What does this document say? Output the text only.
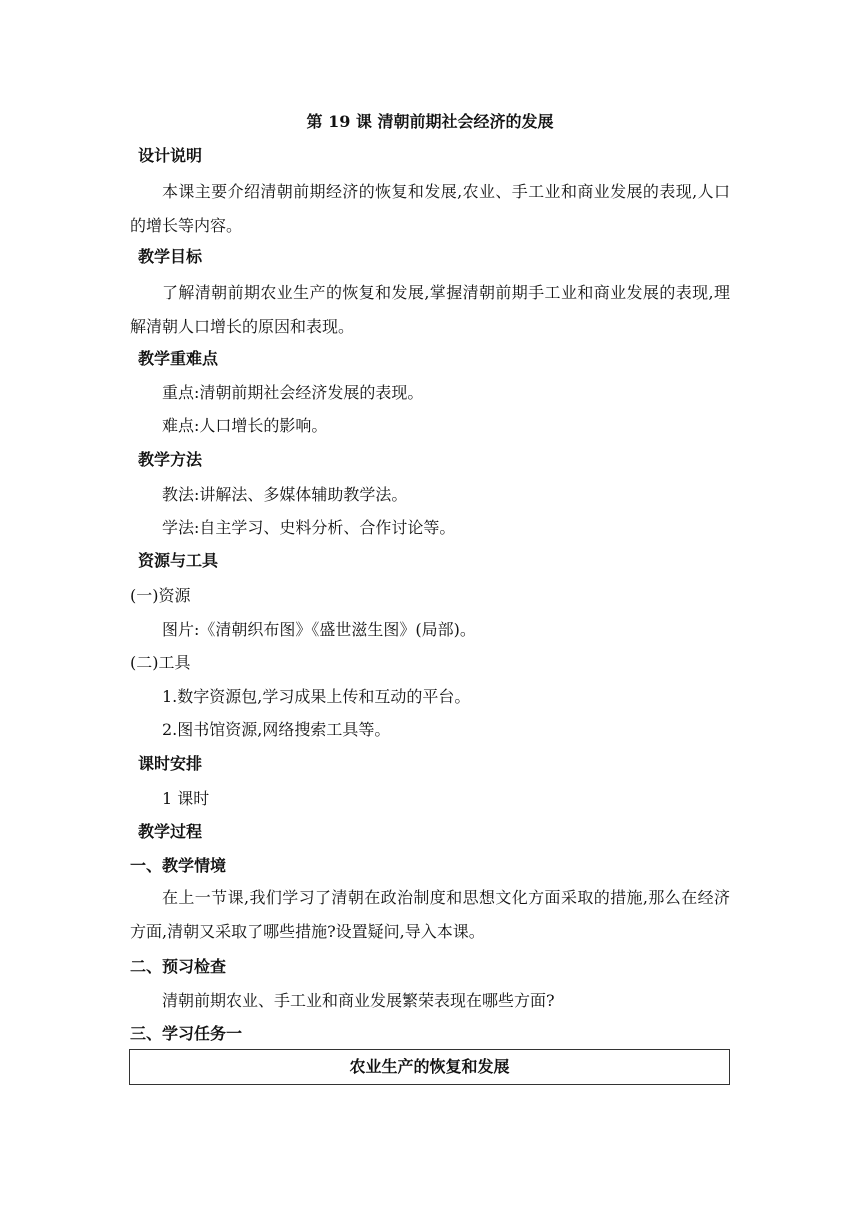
第 19 课 清朝前期社会经济的发展
设计说明
本课主要介绍清朝前期经济的恢复和发展,农业、手工业和商业发展的表现,人口的增长等内容。
教学目标
了解清朝前期农业生产的恢复和发展,掌握清朝前期手工业和商业发展的表现,理解清朝人口增长的原因和表现。
教学重难点
重点:清朝前期社会经济发展的表现。
难点:人口增长的影响。
教学方法
教法:讲解法、多媒体辅助教学法。
学法:自主学习、史料分析、合作讨论等。
资源与工具
(一)资源
图片:《清朝织布图》《盛世滋生图》(局部)。
(二)工具
1.数字资源包,学习成果上传和互动的平台。
2.图书馆资源,网络搜索工具等。
课时安排
1 课时
教学过程
一、教学情境
在上一节课,我们学习了清朝在政治制度和思想文化方面采取的措施,那么在经济方面,清朝又采取了哪些措施?设置疑问,导入本课。
二、预习检查
清朝前期农业、手工业和商业发展繁荣表现在哪些方面?
三、学习任务一
农业生产的恢复和发展
